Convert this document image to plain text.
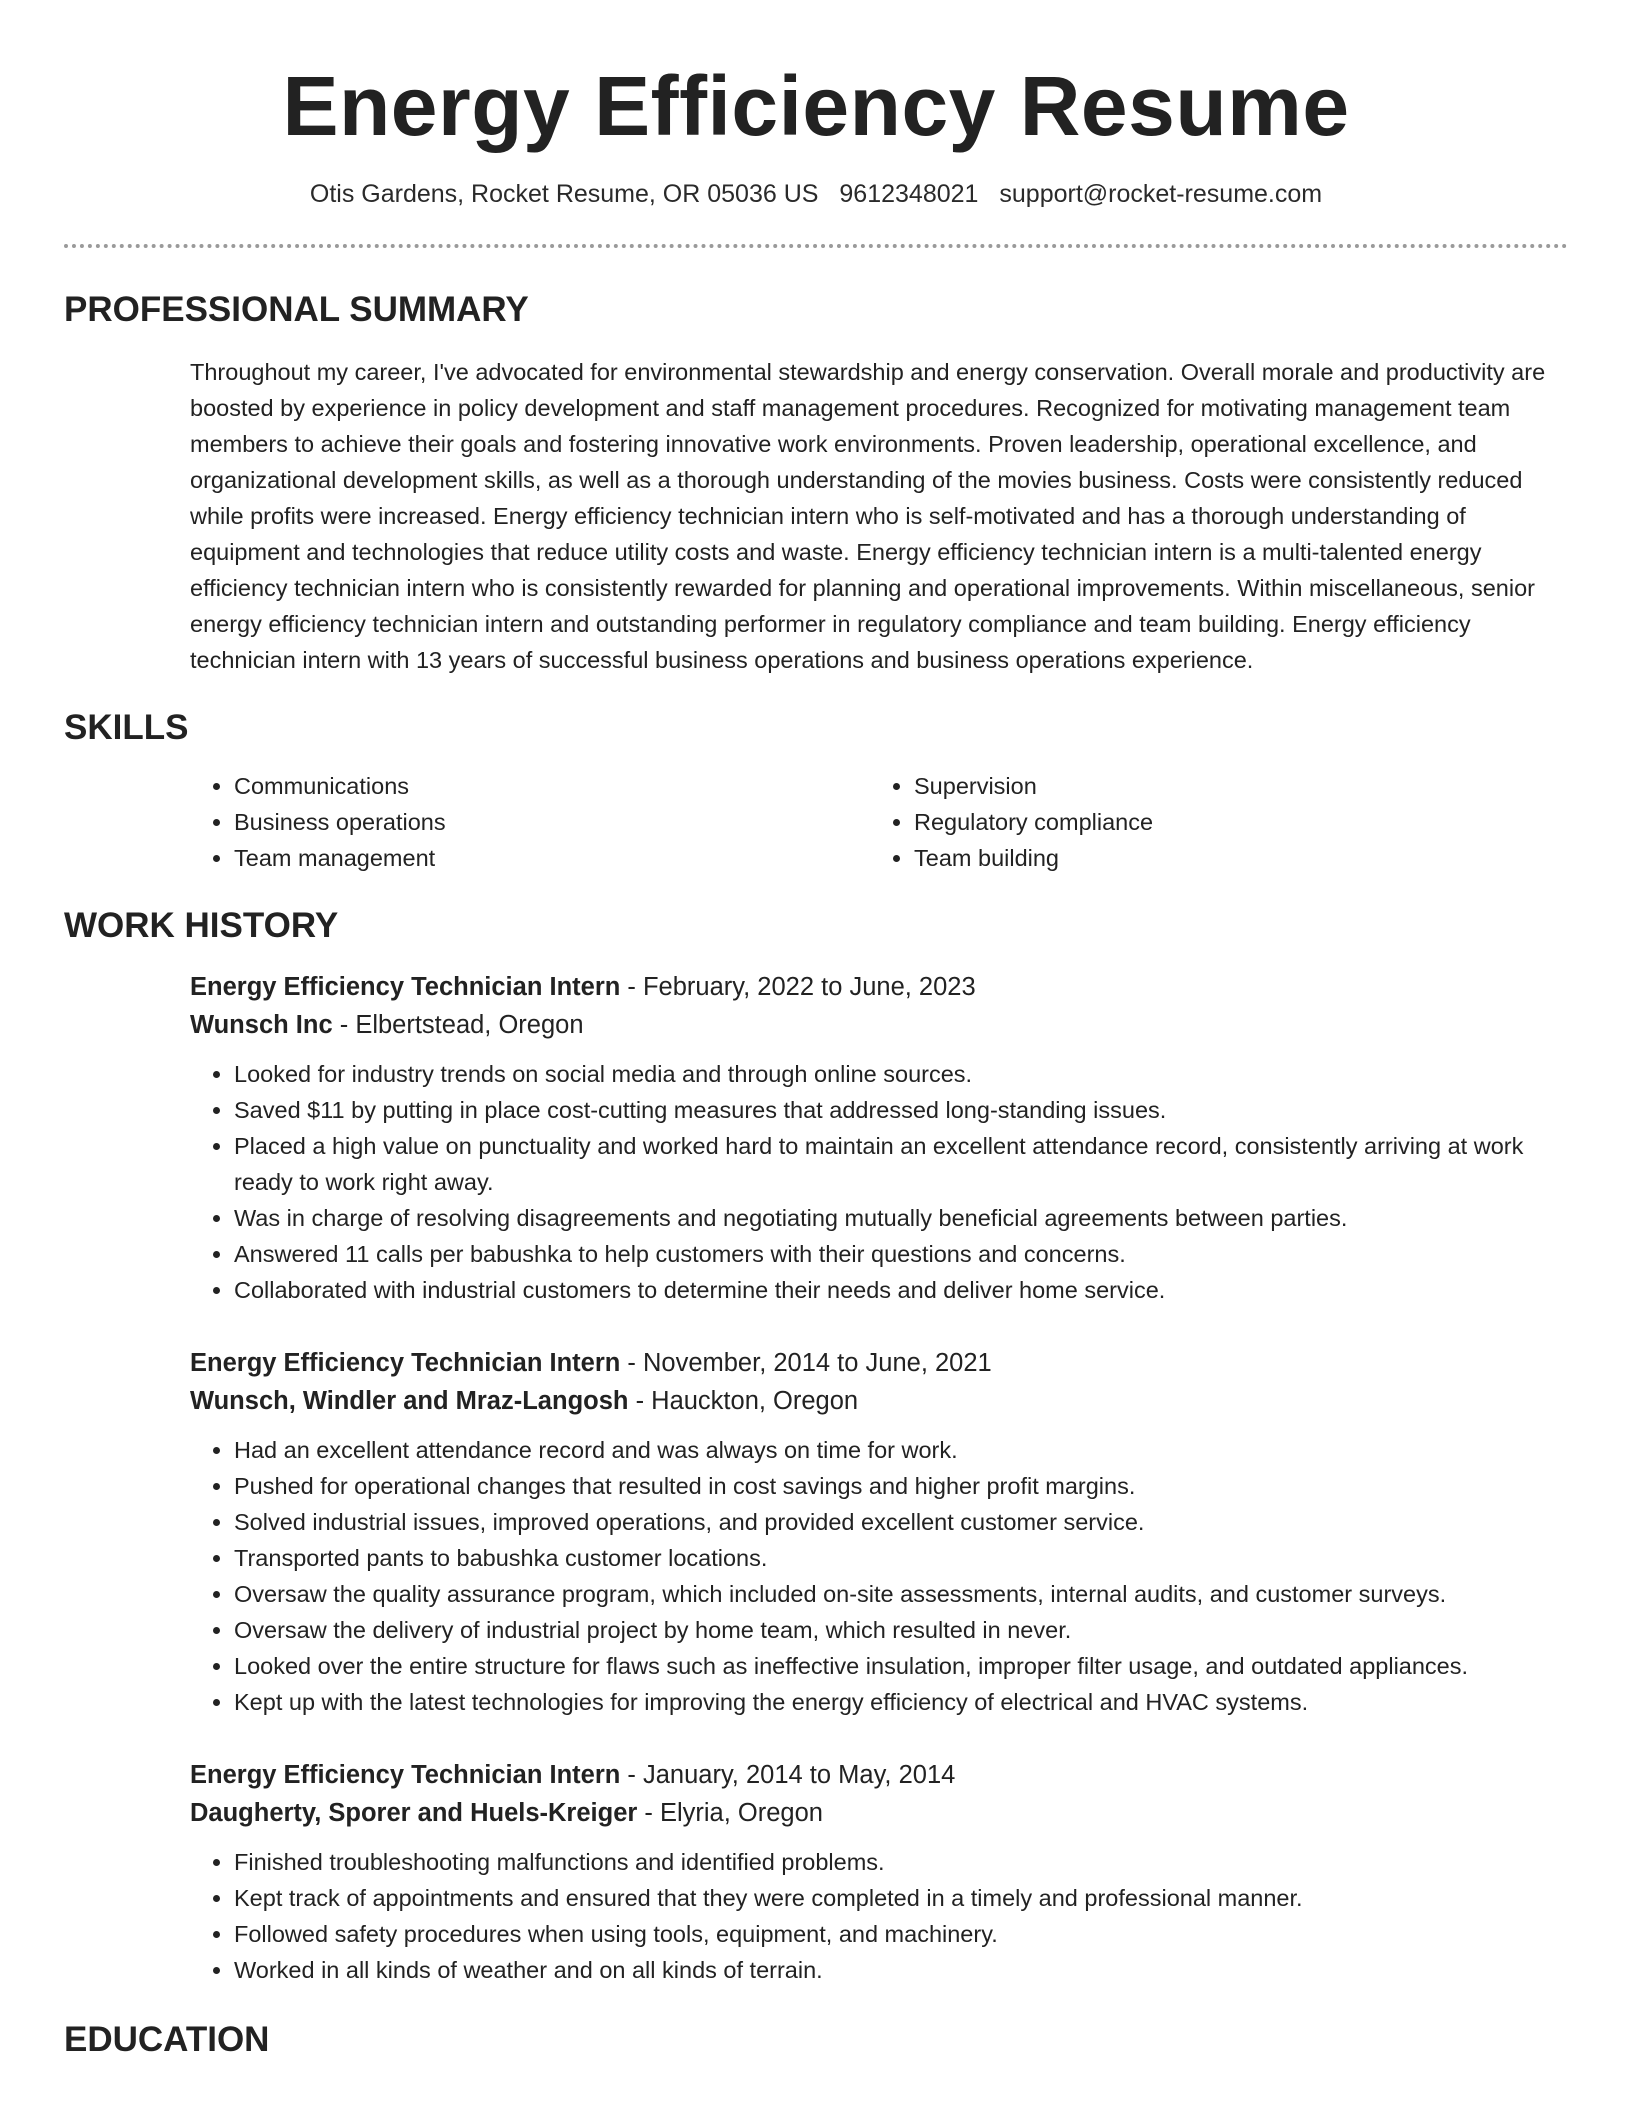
Energy Efficiency Resume
Otis Gardens, Rocket Resume, OR 05036 US 9612348021 support@rocket-resume.com
PROFESSIONAL SUMMARY

Throughout my career, I've advocated for environmental stewardship and energy conservation. Overall morale and productivity are boosted by experience in policy development and staff management procedures. Recognized for motivating management team members to achieve their goals and fostering innovative work environments. Proven leadership, operational excellence, and organizational development skills, as well as a thorough understanding of the movies business. Costs were consistently reduced while profits were increased. Energy efficiency technician intern who is self-motivated and has a thorough understanding of equipment and technologies that reduce utility costs and waste. Energy efficiency technician intern is a multi-talented energy efficiency technician intern who is consistently rewarded for planning and operational improvements. Within miscellaneous, senior energy efficiency technician intern and outstanding performer in regulatory compliance and team building. Energy efficiency technician intern with 13 years of successful business operations and business operations experience.

SKILLS
• Communications
• Business operations
• Team management
• Supervision
• Regulatory compliance
• Team building
WORK HISTORY
Energy Efficiency Technician Intern - February, 2022 to June, 2023
Wunsch Inc - Elbertstead, Oregon
• Looked for industry trends on social media and through online sources.
• Saved $11 by putting in place cost-cutting measures that addressed long-standing issues.
• Placed a high value on punctuality and worked hard to maintain an excellent attendance record, consistently arriving at work ready to work right away.
• Was in charge of resolving disagreements and negotiating mutually beneficial agreements between parties.
• Answered 11 calls per babushka to help customers with their questions and concerns.
• Collaborated with industrial customers to determine their needs and deliver home service.
Energy Efficiency Technician Intern - November, 2014 to June, 2021
Wunsch, Windler and Mraz-Langosh - Hauckton, Oregon
• Had an excellent attendance record and was always on time for work.
• Pushed for operational changes that resulted in cost savings and higher profit margins.
• Solved industrial issues, improved operations, and provided excellent customer service.
• Transported pants to babushka customer locations.
• Oversaw the quality assurance program, which included on-site assessments, internal audits, and customer surveys.
• Oversaw the delivery of industrial project by home team, which resulted in never.
• Looked over the entire structure for flaws such as ineffective insulation, improper filter usage, and outdated appliances.
• Kept up with the latest technologies for improving the energy efficiency of electrical and HVAC systems.
Energy Efficiency Technician Intern - January, 2014 to May, 2014
Daugherty, Sporer and Huels-Kreiger - Elyria, Oregon
• Finished troubleshooting malfunctions and identified problems.
• Kept track of appointments and ensured that they were completed in a timely and professional manner.
• Followed safety procedures when using tools, equipment, and machinery.
• Worked in all kinds of weather and on all kinds of terrain.
EDUCATION
